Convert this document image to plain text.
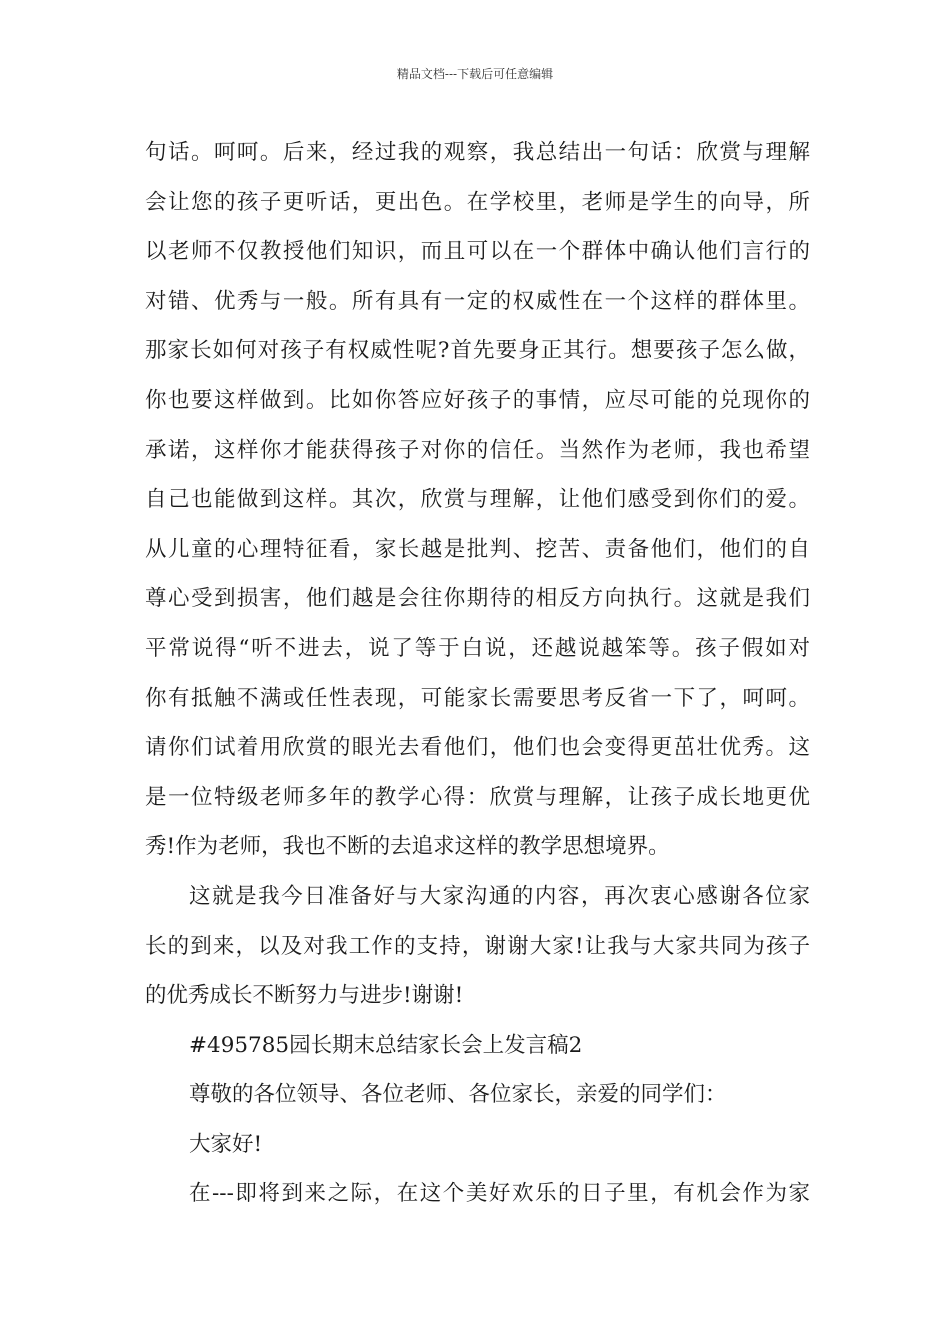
精品文档---下载后可任意编辑
句话。呵呵。后来，经过我的观察，我总结出一句话：欣赏与理解
会让您的孩子更听话，更出色。在学校里，老师是学生的向导，所
以老师不仅教授他们知识，而且可以在一个群体中确认他们言行的
对错、优秀与一般。所有具有一定的权威性在一个这样的群体里。
那家长如何对孩子有权威性呢?首先要身正其行。想要孩子怎么做，
你也要这样做到。比如你答应好孩子的事情，应尽可能的兑现你的
承诺，这样你才能获得孩子对你的信任。当然作为老师，我也希望
自己也能做到这样。其次，欣赏与理解，让他们感受到你们的爱。
从儿童的心理特征看，家长越是批判、挖苦、责备他们，他们的自
尊心受到损害，他们越是会往你期待的相反方向执行。这就是我们
平常说得“听不进去，说了等于白说，还越说越笨等。孩子假如对
你有抵触不满或任性表现，可能家长需要思考反省一下了，呵呵。
请你们试着用欣赏的眼光去看他们，他们也会变得更茁壮优秀。这
是一位特级老师多年的教学心得：欣赏与理解，让孩子成长地更优
秀!作为老师，我也不断的去追求这样的教学思想境界。
这就是我今日准备好与大家沟通的内容，再次衷心感谢各位家
长的到来，以及对我工作的支持，谢谢大家!让我与大家共同为孩子
的优秀成长不断努力与进步!谢谢!
#495785园长期末总结家长会上发言稿2
尊敬的各位领导、各位老师、各位家长，亲爱的同学们：
大家好!
在---即将到来之际，在这个美好欢乐的日子里，有机会作为家
